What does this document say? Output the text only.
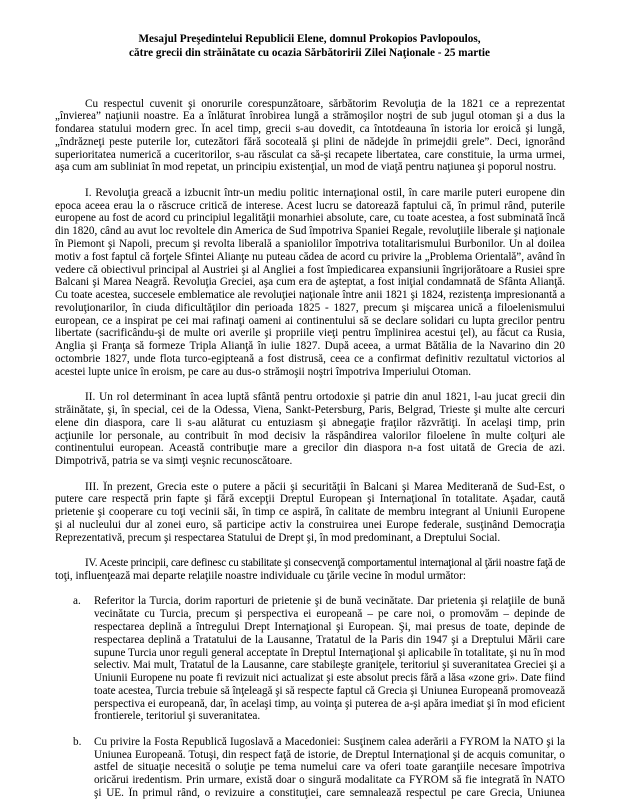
Mesajul Preşedintelui Republicii Elene, domnul Prokopios Pavlopoulos,
către grecii din străinătate cu ocazia Sărbătoririi Zilei Naţionale - 25 martie
Cu respectul cuvenit şi onorurile corespunzătoare, sărbătorim Revoluţia de la 1821 ce a reprezentat
„învierea” naţiunii noastre. Ea a înlăturat înrobirea lungă a strămoşilor noştri de sub jugul otoman şi a dus la
fondarea statului modern grec. În acel timp, grecii s-au dovedit, ca întotdeauna în istoria lor eroică şi lungă,
„îndrăzneţi peste puterile lor, cutezători fără socoteală şi plini de nădejde în primejdii grele”. Deci, ignorând
superioritatea numerică a cuceritorilor, s-au răsculat ca să-şi recapete libertatea, care constituie, la urma urmei,
aşa cum am subliniat în mod repetat, un principiu existenţial, un mod de viaţă pentru naţiunea şi poporul nostru.
I. Revoluţia greacă a izbucnit într-un mediu politic internaţional ostil, în care marile puteri europene din
epoca aceea erau la o răscruce critică de interese. Acest lucru se datorează faptului că, în primul rând, puterile
europene au fost de acord cu principiul legalităţii monarhiei absolute, care, cu toate acestea, a fost subminată încă
din 1820, când au avut loc revoltele din America de Sud împotriva Spaniei Regale, revoluţiile liberale şi naţionale
în Piemont şi Napoli, precum şi revolta liberală a spaniolilor împotriva totalitarismului Burbonilor. Un al doilea
motiv a fost faptul că forţele Sfintei Alianţe nu puteau cădea de acord cu privire la „Problema Orientală”, având în
vedere că obiectivul principal al Austriei şi al Angliei a fost împiedicarea expansiunii îngrijorătoare a Rusiei spre
Balcani şi Marea Neagră. Revoluţia Greciei, aşa cum era de aşteptat, a fost iniţial condamnată de Sfânta Alianţă.
Cu toate acestea, succesele emblematice ale revoluţiei naţionale între anii 1821 şi 1824, rezistenţa impresionantă a
revoluţionarilor, în ciuda dificultăţilor din perioada 1825 - 1827, precum şi mişcarea unică a filoelenismului
european, ce a inspirat pe cei mai rafinaţi oameni ai continentului să se declare solidari cu lupta grecilor pentru
libertate (sacrificându-şi de multe ori averile şi propriile vieţi pentru împlinirea acestui ţel), au făcut ca Rusia,
Anglia şi Franţa să formeze Tripla Alianţă în iulie 1827. După aceea, a urmat Bătălia de la Navarino din 20
octombrie 1827, unde flota turco-egipteană a fost distrusă, ceea ce a confirmat definitiv rezultatul victorios al
acestei lupte unice în eroism, pe care au dus-o strămoşii noştri împotriva Imperiului Otoman.
II. Un rol determinant în acea luptă sfântă pentru ortodoxie şi patrie din anul 1821, l-au jucat grecii din
străinătate, şi, în special, cei de la Odessa, Viena, Sankt-Petersburg, Paris, Belgrad, Trieste şi multe alte cercuri
elene din diaspora, care li s-au alăturat cu entuziasm şi abnegaţie fraţilor răzvrătiţi. În acelaşi timp, prin
acţiunile lor personale, au contribuit în mod decisiv la răspândirea valorilor filoelene în multe colţuri ale
continentului european. Această contribuţie mare a grecilor din diaspora n-a fost uitată de Grecia de azi.
Dimpotrivă, patria se va simţi veşnic recunoscătoare.
III. În prezent, Grecia este o putere a păcii şi securităţii în Balcani şi Marea Mediterană de Sud-Est, o
putere care respectă prin fapte şi fără excepţii Dreptul European şi Internaţional în totalitate. Aşadar, caută
prietenie şi cooperare cu toţi vecinii săi, în timp ce aspiră, în calitate de membru integrant al Uniunii Europene
şi al nucleului dur al zonei euro, să participe activ la construirea unei Europe federale, susţinând Democraţia
Reprezentativă, precum şi respectarea Statului de Drept şi, în mod predominant, a Dreptului Social.
IV. Aceste principii, care definesc cu stabilitate şi consecvenţă comportamentul internaţional al ţării noastre faţă de
toţi, influenţează mai departe relaţiile noastre individuale cu ţările vecine în modul următor:
a. Referitor la Turcia, dorim raporturi de prietenie şi de bună vecinătate. Dar prietenia şi relaţiile de bună
vecinătate cu Turcia, precum şi perspectiva ei europeană – pe care noi, o promovăm – depinde de
respectarea deplină a întregului Drept Internaţional şi European. Şi, mai presus de toate, depinde de
respectarea deplină a Tratatului de la Lausanne, Tratatul de la Paris din 1947 şi a Dreptului Mării care
supune Turcia unor reguli general acceptate în Dreptul Internaţional şi aplicabile în totalitate, şi nu în mod
selectiv. Mai mult, Tratatul de la Lausanne, care stabileşte graniţele, teritoriul şi suveranitatea Greciei şi a
Uniunii Europene nu poate fi revizuit nici actualizat şi este absolut precis fără a lăsa «zone gri». Date fiind
toate acestea, Turcia trebuie să înţeleagă şi să respecte faptul că Grecia şi Uniunea Europeană promovează
perspectiva ei europeană, dar, în acelaşi timp, au voinţa şi puterea de a-şi apăra imediat şi în mod eficient
frontierele, teritoriul şi suveranitatea.
b. Cu privire la Fosta Republică Iugoslavă a Macedoniei: Susţinem calea aderării a FYROM la NATO şi la
Uniunea Europeană. Totuşi, din respect faţă de istorie, de Dreptul Internaţional şi de acquis comunitar, o
astfel de situaţie necesită o soluţie pe tema numelui care va oferi toate garanţiile necesare împotriva
oricărui iredentism. Prin urmare, există doar o singură modalitate ca FYROM să fie integrată în NATO
şi UE. În primul rând, o revizuire a constituţiei, care semnalează respectul pe care Grecia, Uniunea
